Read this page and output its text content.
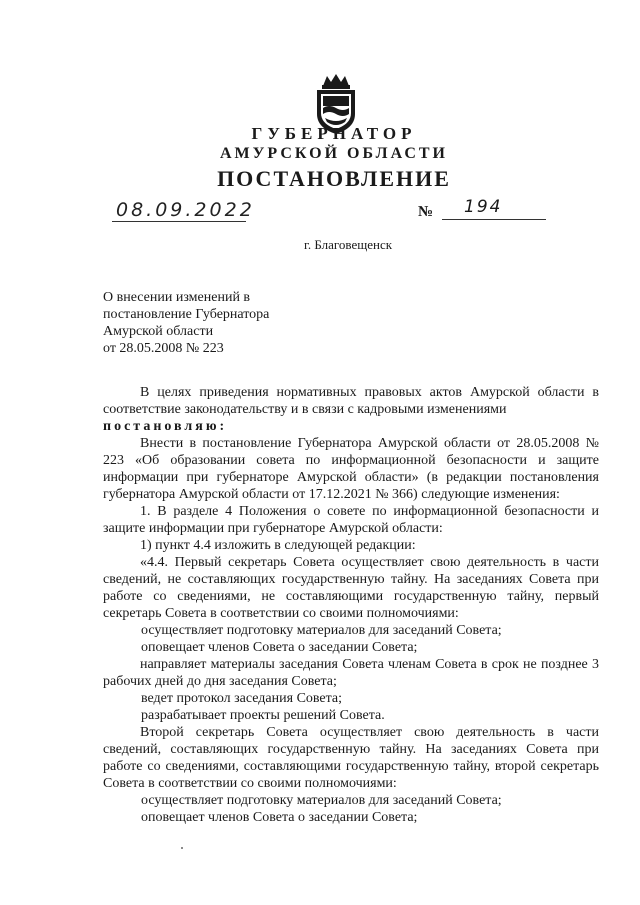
ГУБЕРНАТОР
АМУРСКОЙ ОБЛАСТИ
ПОСТАНОВЛЕНИЕ
08.09.2022	№ 194
г. Благовещенск
О внесении изменений в
постановление Губернатора
Амурской области
от 28.05.2008 № 223

В целях приведения нормативных правовых актов Амурской области в соответствие законодательству и в связи с кадровыми изменениями

постановляю:

Внести в постановление Губернатора Амурской области от 28.05.2008 № 223 «Об образовании совета по информационной безопасности и защите информации при губернаторе Амурской области» (в редакции постановления губернатора Амурской области от 17.12.2021 № 366) следующие изменения:

1. В разделе 4 Положения о совете по информационной безопасности и защите информации при губернаторе Амурской области:

1) пункт 4.4 изложить в следующей редакции:

«4.4. Первый секретарь Совета осуществляет свою деятельность в части сведений, не составляющих государственную тайну. На заседаниях Совета при работе со сведениями, не составляющими государственную тайну, первый секретарь Совета в соответствии со своими полномочиями:

осуществляет подготовку материалов для заседаний Совета;

оповещает членов Совета о заседании Совета;

направляет материалы заседания Совета членам Совета в срок не позднее 3 рабочих дней до дня заседания Совета;

ведет протокол заседания Совета;

разрабатывает проекты решений Совета.

Второй секретарь Совета осуществляет свою деятельность в части сведений, составляющих государственную тайну. На заседаниях Совета при работе со сведениями, составляющими государственную тайну, второй секретарь Совета в соответствии со своими полномочиями:

осуществляет подготовку материалов для заседаний Совета;

оповещает членов Совета о заседании Совета;
